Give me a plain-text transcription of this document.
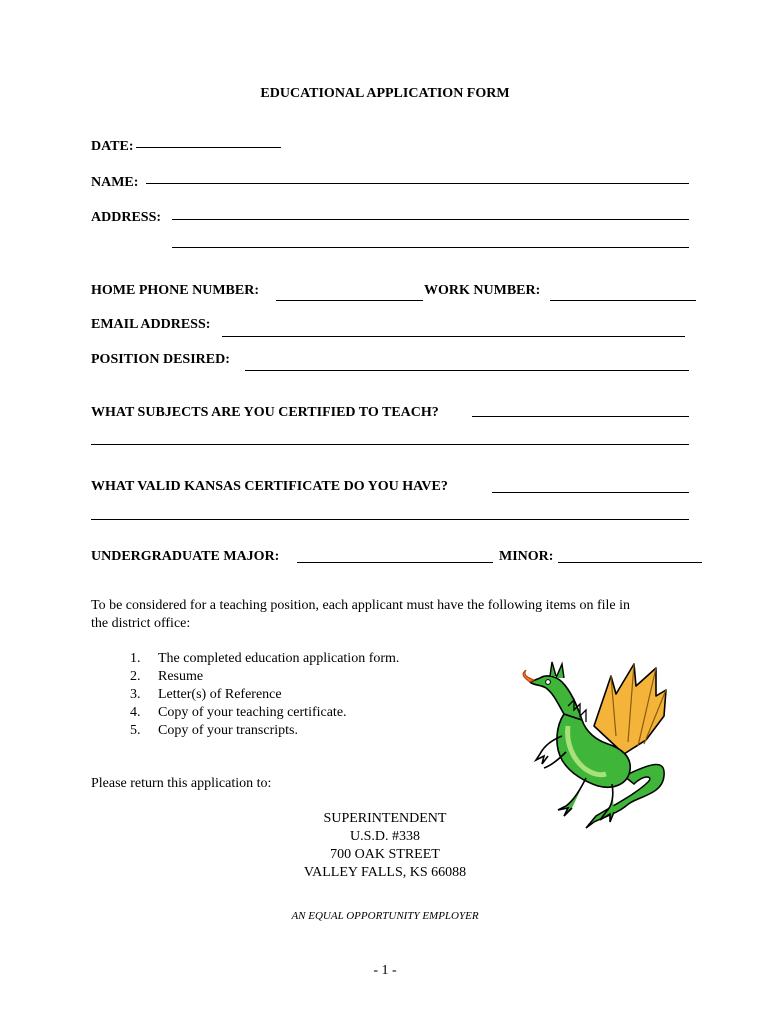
EDUCATIONAL APPLICATION FORM
DATE:
NAME:
ADDRESS:
HOME PHONE NUMBER:	WORK NUMBER:
EMAIL ADDRESS:
POSITION DESIRED:
WHAT SUBJECTS ARE YOU CERTIFIED TO TEACH?
WHAT VALID KANSAS CERTIFICATE DO YOU HAVE?
UNDERGRADUATE MAJOR:	MINOR:
To be considered for a teaching position, each applicant must have the following items on file in
the district office:
1.	The completed education application form.
2.	Resume
3.	Letter(s) of Reference
4.	Copy of your teaching certificate.
5.	Copy of your transcripts.
Please return this application to:
SUPERINTENDENT
U.S.D. #338
700 OAK STREET
VALLEY FALLS, KS 66088
AN EQUAL OPPORTUNITY EMPLOYER
- 1 -
